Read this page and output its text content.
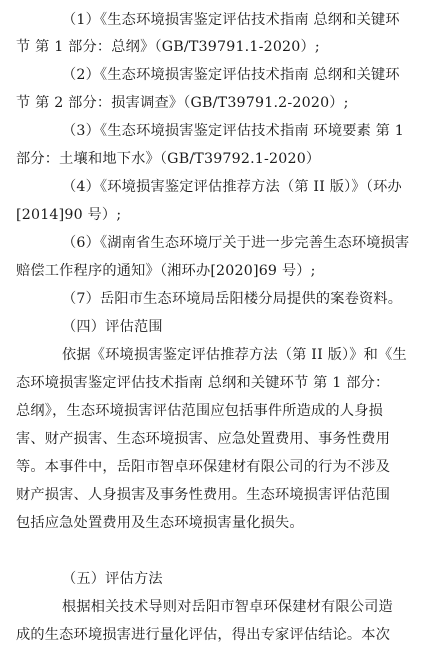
（1）《生态环境损害鉴定评估技术指南 总纲和关键环
节 第 1 部分：总纲》（GB/T39791.1-2020）;
（2）《生态环境损害鉴定评估技术指南 总纲和关键环
节 第 2 部分：损害调查》（GB/T39791.2-2020）;
（3）《生态环境损害鉴定评估技术指南 环境要素 第 1
部分：土壤和地下水》（GB/T39792.1-2020）
（4）《环境损害鉴定评估推荐方法（第 II 版）》（环办
[2014]90 号）;
（6）《湖南省生态环境厅关于进一步完善生态环境损害
赔偿工作程序的通知》（湘环办[2020]69 号）;
（7）岳阳市生态环境局岳阳楼分局提供的案卷资料。
（四）评估范围
依据《环境损害鉴定评估推荐方法（第 II 版）》和《生
态环境损害鉴定评估技术指南 总纲和关键环节 第 1 部分：
总纲》，生态环境损害评估范围应包括事件所造成的人身损
害、财产损害、生态环境损害、应急处置费用、事务性费用
等。本事件中，岳阳市智卓环保建材有限公司的行为不涉及
财产损害、人身损害及事务性费用。生态环境损害评估范围
包括应急处置费用及生态环境损害量化损失。
（五）评估方法
根据相关技术导则对岳阳市智卓环保建材有限公司造
成的生态环境损害进行量化评估，得出专家评估结论。本次
